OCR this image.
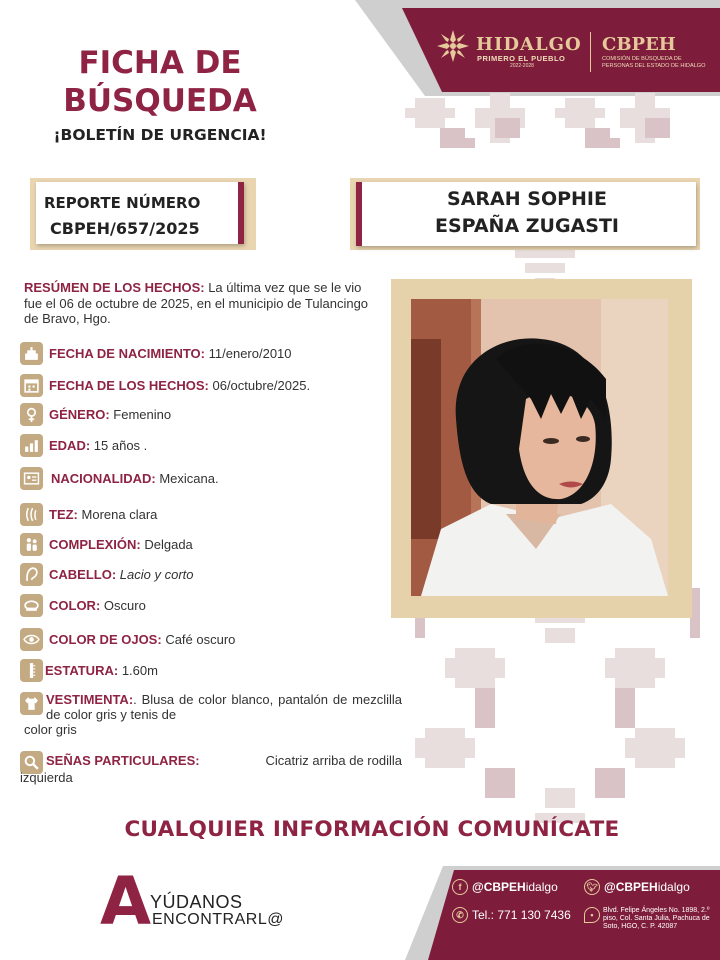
HIDALGO
PRIMERO EL PUEBLO
2022-2028
CBPEH
COMISIÓN DE BÚSQUEDA DE PERSONAS DEL ESTADO DE HIDALGO
FICHA DE
BÚSQUEDA
¡BOLETÍN DE URGENCIA!
REPORTE NÚMERO
CBPEH/657/2025
SARAH SOPHIE
ESPAÑA ZUGASTI
RESÚMEN DE LOS HECHOS: La última vez que se le vio fue el 06 de octubre de 2025, en el municipio de Tulancingo de Bravo, Hgo.
FECHA DE NACIMIENTO: 11/enero/2010
FECHA DE LOS HECHOS: 06/octubre/2025.
GÉNERO: Femenino
EDAD: 15 años .
NACIONALIDAD: Mexicana.
TEZ: Morena clara
COMPLEXIÓN: Delgada
CABELLO: Lacio y corto
COLOR: Oscuro
COLOR DE OJOS: Café oscuro
ESTATURA: 1.60m
VESTIMENTA:. Blusa de color blanco, pantalón de mezclilla de color gris y tenis de
color gris
SEÑAS PARTICULARES:	Cicatriz arriba de rodilla
izquierda
CUALQUIER INFORMACIÓN COMUNÍCATE
A
YÚDANOS
ENCONTRARL@
f @CBPEHidalgo	🐦︎ @CBPEHidalgo
✆ Tel.: 771 130 7436	•	Blvd. Felipe Ángeles No. 1898, 2.º piso, Col. Santa Julia, Pachuca de Soto, HGO, C. P. 42087
